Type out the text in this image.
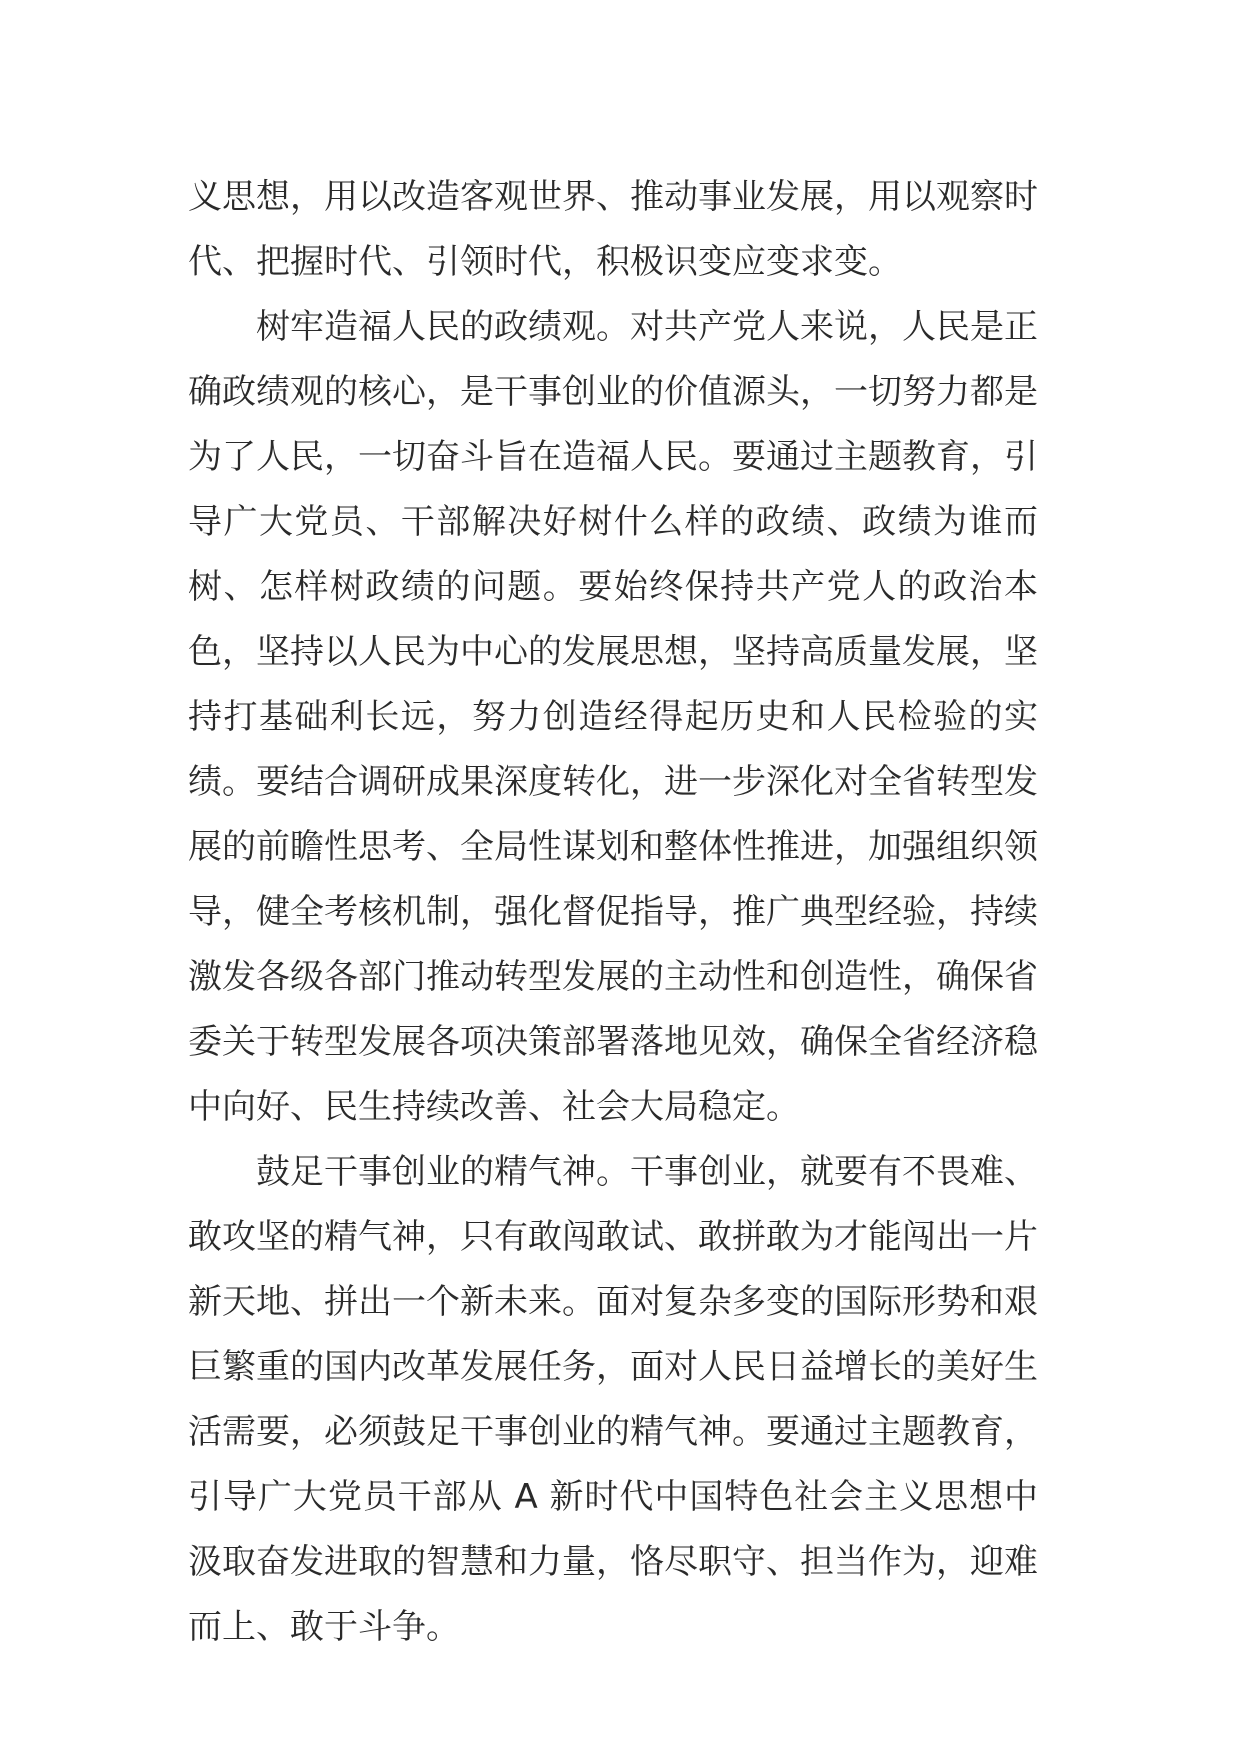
义思想，用以改造客观世界、推动事业发展，用以观察时代、把握时代、引领时代，积极识变应变求变。

树牢造福人民的政绩观。对共产党人来说，人民是正确政绩观的核心，是干事创业的价值源头，一切努力都是为了人民，一切奋斗旨在造福人民。要通过主题教育，引导广大党员、干部解决好树什么样的政绩、政绩为谁而树、怎样树政绩的问题。要始终保持共产党人的政治本色，坚持以人民为中心的发展思想，坚持高质量发展，坚持打基础利长远，努力创造经得起历史和人民检验的实绩。要结合调研成果深度转化，进一步深化对全省转型发展的前瞻性思考、全局性谋划和整体性推进，加强组织领导，健全考核机制，强化督促指导，推广典型经验，持续激发各级各部门推动转型发展的主动性和创造性，确保省委关于转型发展各项决策部署落地见效，确保全省经济稳中向好、民生持续改善、社会大局稳定。

鼓足干事创业的精气神。干事创业，就要有不畏难、敢攻坚的精气神，只有敢闯敢试、敢拼敢为才能闯出一片新天地、拼出一个新未来。面对复杂多变的国际形势和艰巨繁重的国内改革发展任务，面对人民日益增长的美好生活需要，必须鼓足干事创业的精气神。要通过主题教育，引导广大党员干部从 A 新时代中国特色社会主义思想中汲取奋发进取的智慧和力量，恪尽职守、担当作为，迎难而上、敢于斗争。
